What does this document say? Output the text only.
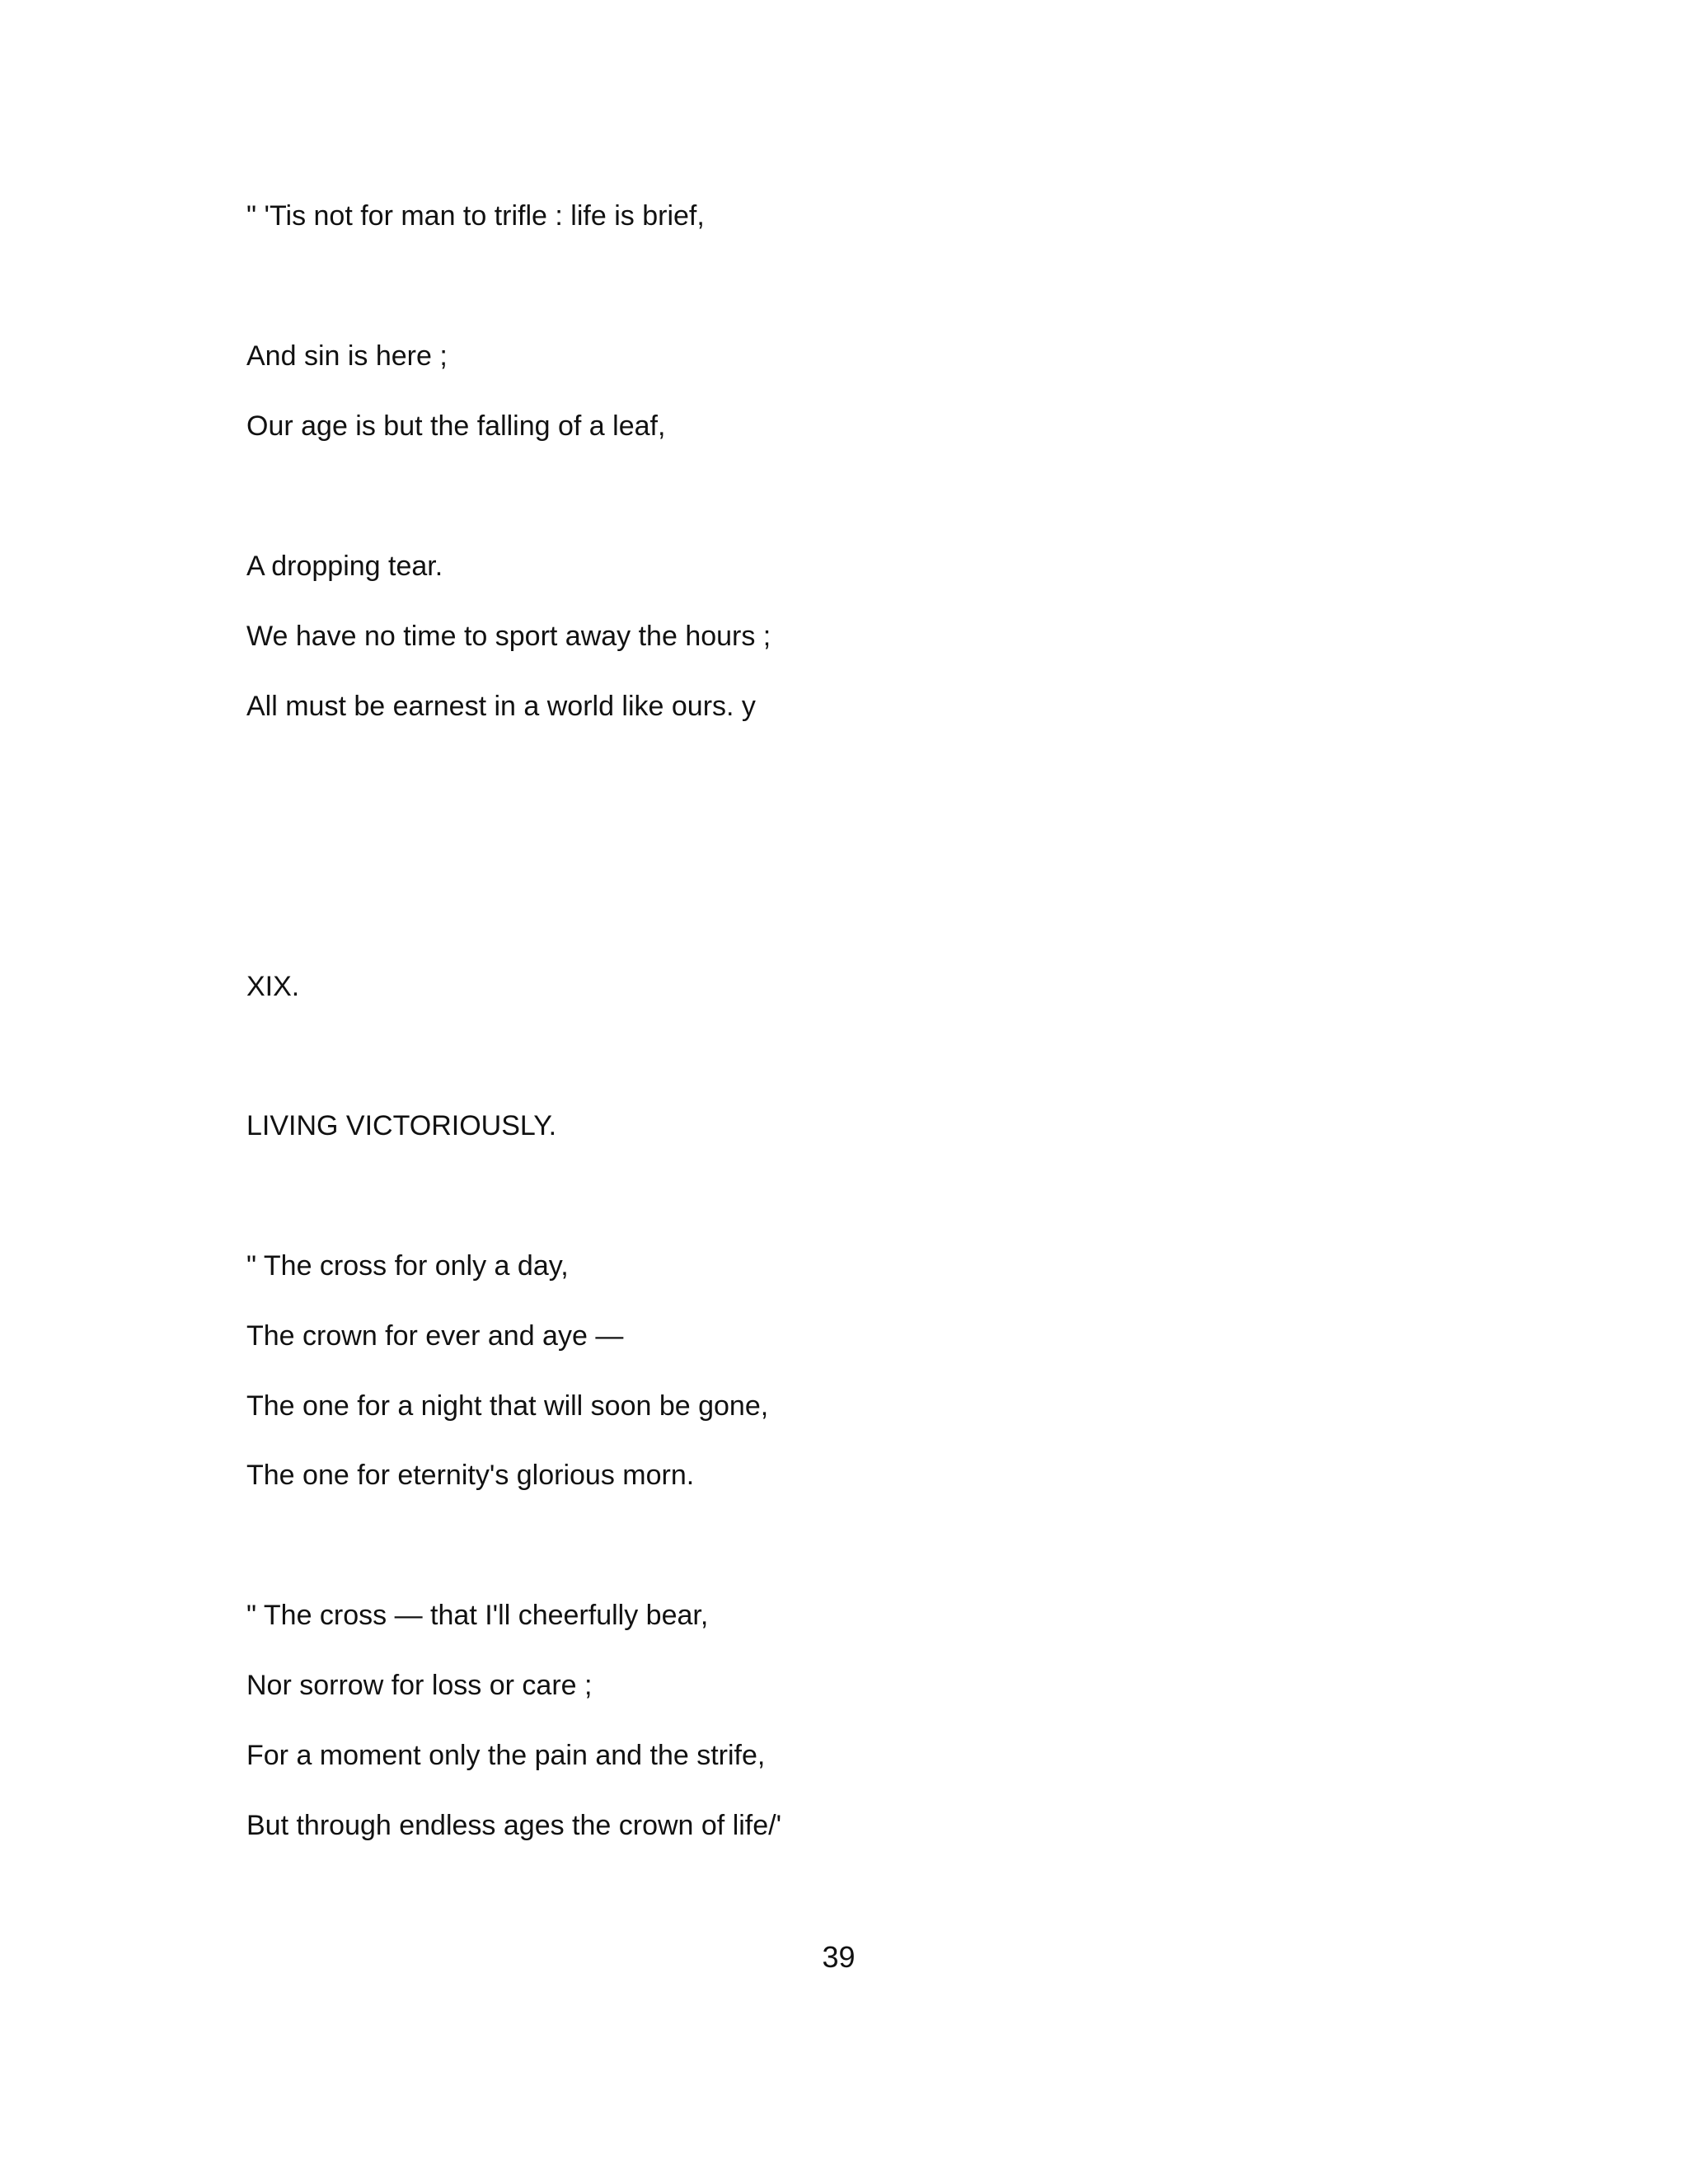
" 'Tis not for man to trifle : life is brief,

And sin is here ;

Our age is but the falling of a leaf,

A dropping tear.

We have no time to sport away the hours ;

All must be earnest in a world like ours. y

XIX.

LIVING VICTORIOUSLY.

" The cross for only a day,

The crown for ever and aye —

The one for a night that will soon be gone,

The one for eternity's glorious morn.

" The cross — that I'll cheerfully bear,

Nor sorrow for loss or care ;

For a moment only the pain and the strife,

But through endless ages the crown of life/'

39
